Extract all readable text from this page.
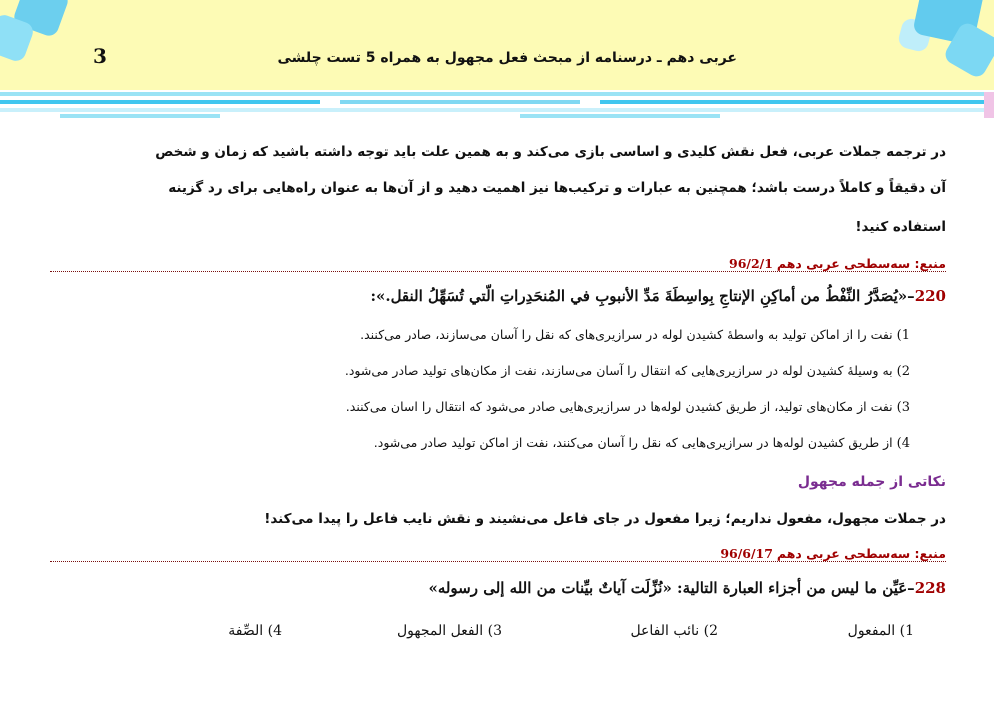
3	عربی دهم ـ درسنامه از مبحث فعل مجهول به همراه 5 تست چلشی
در ترجمه جملات عربی، فعل نقش کلیدی و اساسی بازی می‌کند و به همین علت باید توجه داشته باشید که زمان و شخص
آن دقیقاً و کاملاً درست باشد؛ همچنین به عبارات و ترکیب‌ها نیز اهمیت دهید و از آن‌ها به عنوان راه‌هایی برای رد گزینه
استفاده کنید!
منبع: سه‌سطحی عربی دهم 96/2/1
220–«يُصَدَّرُ النِّفْطُ من أماكِنِ الإنتاجِ بِواسِطَةَ مَدِّ الأنبوبِ في المُنحَدِراتِ الّتي تُسَهِّلُ النقل.»:
1) نفت را از اماکن تولید به واسطهٔ کشیدن لوله در سرازیری‌های که نقل را آسان می‌سازند، صادر می‌کنند.
2) به وسیلهٔ کشیدن لوله در سرازیری‌هایی که انتقال را آسان می‌سازند، نفت از مکان‌های تولید صادر می‌شود.
3) نفت از مکان‌های تولید، از طریق کشیدن لوله‌ها در سرازیری‌هایی صادر می‌شود که انتقال را اسان می‌کنند.
4) از طریق کشیدن لوله‌ها در سرازیری‌هایی که نقل را آسان می‌کنند، نفت از اماکن تولید صادر می‌شود.
نکاتی از جمله مجهول
در جملات مجهول، مفعول نداریم؛ زیرا مفعول در جای فاعل می‌نشیند و نقش نایب فاعل را پیدا می‌کند!
منبع: سه‌سطحی عربی دهم 96/6/17
228–عَيِّن ما ليس من أجزاء العبارة التالية: «نُزِّلَت آياتٌ بيِّنات من الله إلى رسوله»
1) المفعول
2) نائب الفاعل
3) الفعل المجهول
4) الصِّفة
